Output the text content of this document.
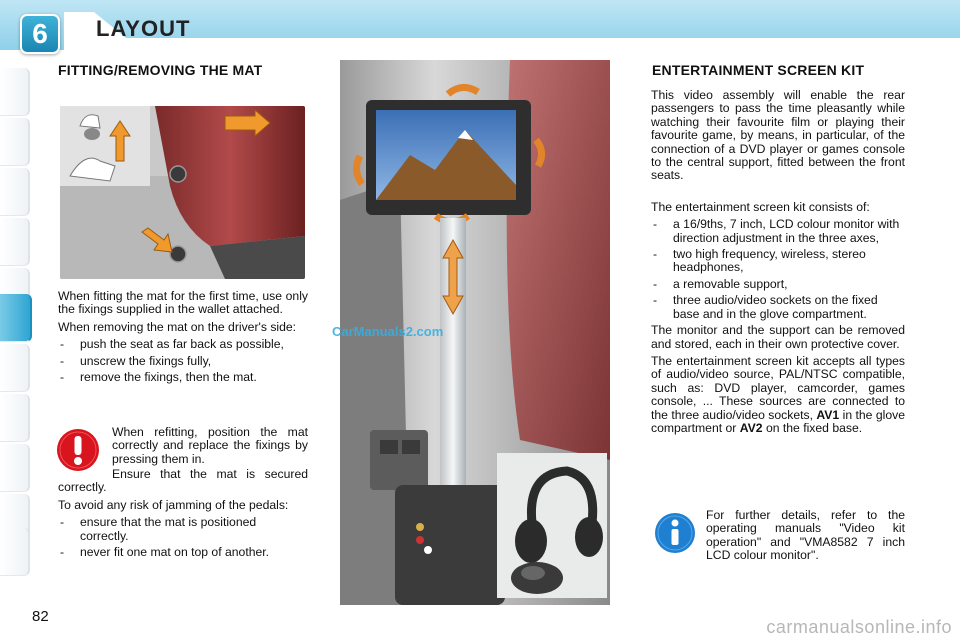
6 LAYOUT
FITTING/REMOVING THE MAT

When fitting the mat for the first time, use only the fixings supplied in the wallet attached.

When removing the mat on the driver's side:

- push the seat as far back as possible,
- unscrew the fixings fully,
- remove the fixings, then the mat.
When refitting, position the mat correctly and replace the fixings by pressing them in.
Ensure that the mat is secured correctly.

To avoid any risk of jamming of the pedals:

- ensure that the mat is positioned correctly.
- never fit one mat on top of another.
CarManuals2.com
ENTERTAINMENT SCREEN KIT

This video assembly will enable the rear passengers to pass the time pleasantly while watching their favourite film or playing their favourite game, by means, in particular, of the connection of a DVD player or games console to the central support, fitted between the front seats.

The entertainment screen kit consists of:

- a 16/9ths, 7 inch, LCD colour monitor with direction adjustment in the three axes,
- two high frequency, wireless, stereo headphones,
- a removable support,
- three audio/video sockets on the fixed base and in the glove compartment.

The monitor and the support can be removed and stored, each in their own protective cover.

The entertainment screen kit accepts all types of audio/video source, PAL/NTSC compatible, such as: DVD player, camcorder, games console, ... These sources are connected to the three audio/video sockets, AV1 in the glove compartment or AV2 on the fixed base.

For further details, refer to the operating manuals "Video kit operation" and "VMA8582 7 inch LCD colour monitor".
82
carmanualsonline.info
